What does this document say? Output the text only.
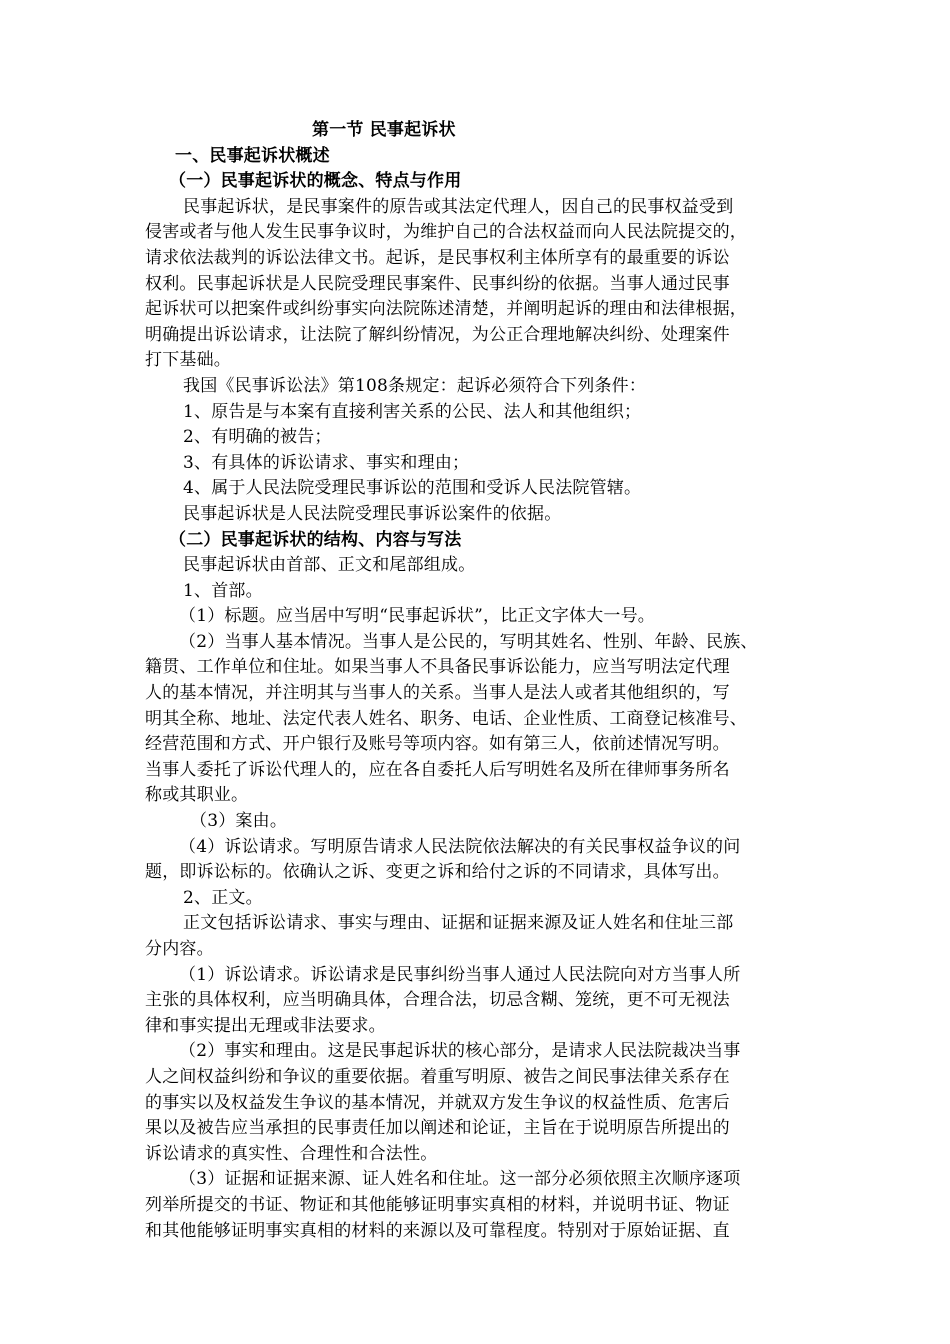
第一节 民事起诉状
一、民事起诉状概述
（一）民事起诉状的概念、特点与作用
民事起诉状，是民事案件的原告或其法定代理人，因自己的民事权益受到
侵害或者与他人发生民事争议时，为维护自己的合法权益而向人民法院提交的，
请求依法裁判的诉讼法律文书。起诉，是民事权利主体所享有的最重要的诉讼
权利。民事起诉状是人民院受理民事案件、民事纠纷的依据。当事人通过民事
起诉状可以把案件或纠纷事实向法院陈述清楚，并阐明起诉的理由和法律根据，
明确提出诉讼请求，让法院了解纠纷情况，为公正合理地解决纠纷、处理案件
打下基础。
我国《民事诉讼法》第108条规定：起诉必须符合下列条件：
1、原告是与本案有直接利害关系的公民、法人和其他组织；
2、有明确的被告；
3、有具体的诉讼请求、事实和理由；
4、属于人民法院受理民事诉讼的范围和受诉人民法院管辖。
民事起诉状是人民法院受理民事诉讼案件的依据。
（二）民事起诉状的结构、内容与写法
民事起诉状由首部、正文和尾部组成。
1、首部。
（1）标题。应当居中写明“民事起诉状”，比正文字体大一号。
（2）当事人基本情况。当事人是公民的，写明其姓名、性别、年龄、民族、
籍贯、工作单位和住址。如果当事人不具备民事诉讼能力，应当写明法定代理
人的基本情况，并注明其与当事人的关系。当事人是法人或者其他组织的，写
明其全称、地址、法定代表人姓名、职务、电话、企业性质、工商登记核准号、
经营范围和方式、开户银行及账号等项内容。如有第三人，依前述情况写明。
当事人委托了诉讼代理人的，应在各自委托人后写明姓名及所在律师事务所名
称或其职业。
（3）案由。
（4）诉讼请求。写明原告请求人民法院依法解决的有关民事权益争议的问
题，即诉讼标的。依确认之诉、变更之诉和给付之诉的不同请求，具体写出。
2、正文。
正文包括诉讼请求、事实与理由、证据和证据来源及证人姓名和住址三部
分内容。
（1）诉讼请求。诉讼请求是民事纠纷当事人通过人民法院向对方当事人所
主张的具体权利，应当明确具体，合理合法，切忌含糊、笼统，更不可无视法
律和事实提出无理或非法要求。
（2）事实和理由。这是民事起诉状的核心部分，是请求人民法院裁决当事
人之间权益纠纷和争议的重要依据。着重写明原、被告之间民事法律关系存在
的事实以及权益发生争议的基本情况，并就双方发生争议的权益性质、危害后
果以及被告应当承担的民事责任加以阐述和论证，主旨在于说明原告所提出的
诉讼请求的真实性、合理性和合法性。
（3）证据和证据来源、证人姓名和住址。这一部分必须依照主次顺序逐项
列举所提交的书证、物证和其他能够证明事实真相的材料，并说明书证、物证
和其他能够证明事实真相的材料的来源以及可靠程度。特别对于原始证据、直
